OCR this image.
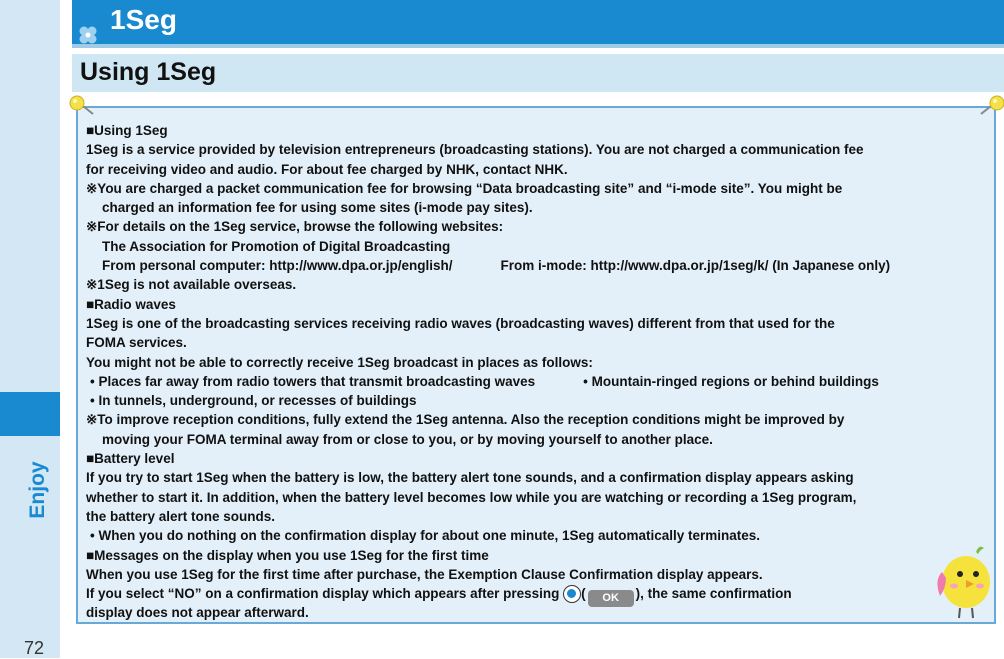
Enjoy
72
1Seg
Using 1Seg
■Using 1Seg
1Seg is a service provided by television entrepreneurs (broadcasting stations). You are not charged a communication fee
for receiving video and audio. For about fee charged by NHK, contact NHK.
※You are charged a packet communication fee for browsing “Data broadcasting site” and “i-mode site”. You might be
charged an information fee for using some sites (i-mode pay sites).
※For details on the 1Seg service, browse the following websites:
The Association for Promotion of Digital Broadcasting
From personal computer: http://www.dpa.or.jp/english/	From i-mode: http://www.dpa.or.jp/1seg/k/ (In Japanese only)
※1Seg is not available overseas.
■Radio waves
1Seg is one of the broadcasting services receiving radio waves (broadcasting waves) different from that used for the
FOMA services.
You might not be able to correctly receive 1Seg broadcast in places as follows:
• Places far away from radio towers that transmit broadcasting waves	• Mountain-ringed regions or behind buildings
• In tunnels, underground, or recesses of buildings
※To improve reception conditions, fully extend the 1Seg antenna. Also the reception conditions might be improved by
moving your FOMA terminal away from or close to you, or by moving yourself to another place.
■Battery level
If you try to start 1Seg when the battery is low, the battery alert tone sounds, and a confirmation display appears asking
whether to start it. In addition, when the battery level becomes low while you are watching or recording a 1Seg program,
the battery alert tone sounds.
• When you do nothing on the confirmation display for about one minute, 1Seg automatically terminates.
■Messages on the display when you use 1Seg for the first time
When you use 1Seg for the first time after purchase, the Exemption Clause Confirmation display appears.
If you select “NO” on a confirmation display which appears after pressing ( OK ), the same confirmation
display does not appear afterward.
